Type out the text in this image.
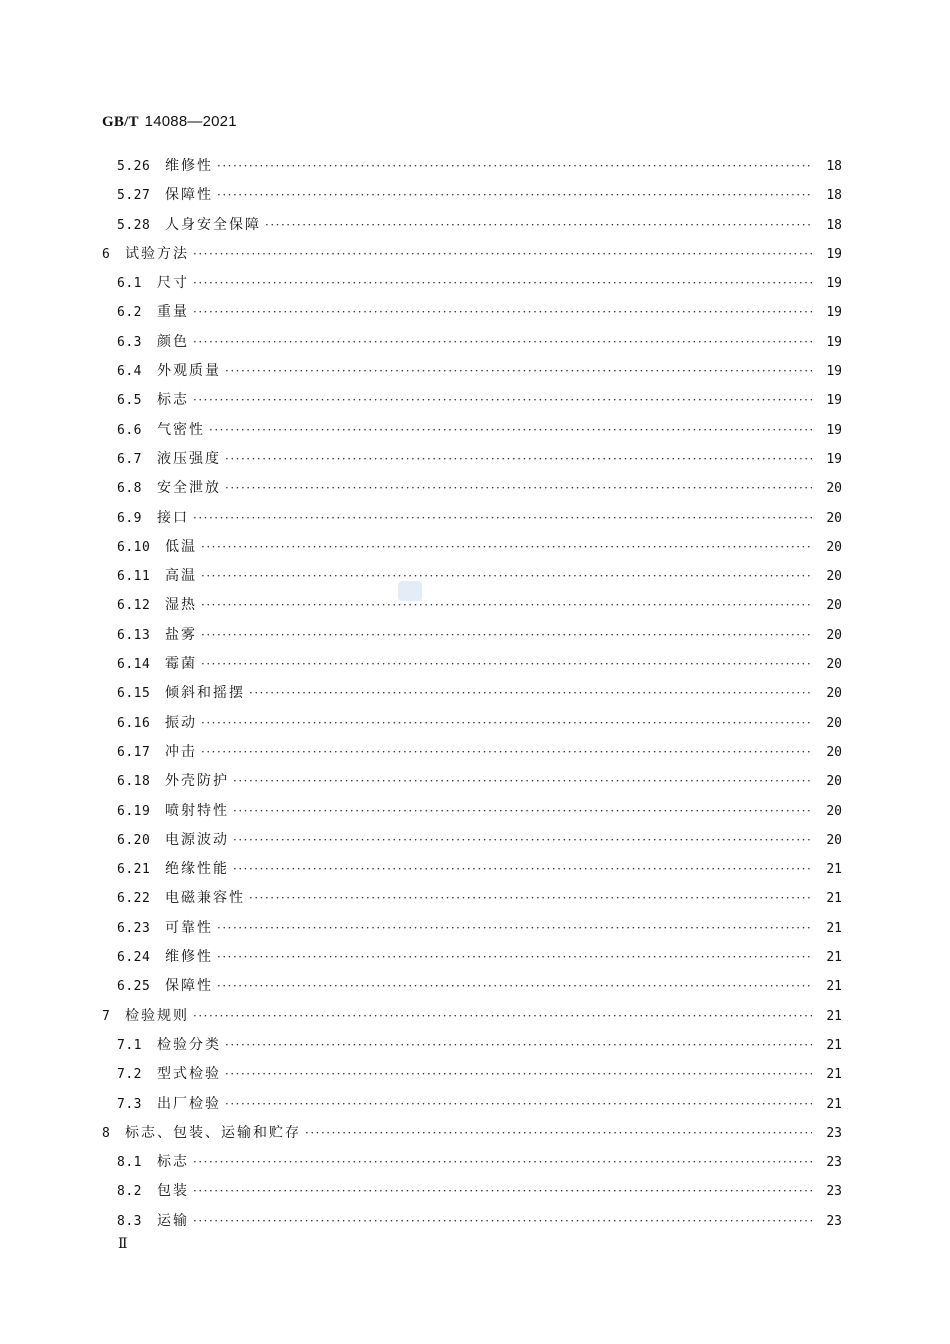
GB/T 14088—2021
5.26	维修性 ·····	18
5.27	保障性 ·····	18
5.28	人身安全保障 ·····	18
6	试验方法 ·····	19
6.1	尺寸 ·····	19
6.2	重量 ·····	19
6.3	颜色 ·····	19
6.4	外观质量 ·····	19
6.5	标志 ·····	19
6.6	气密性 ·····	19
6.7	液压强度 ·····	19
6.8	安全泄放 ·····	20
6.9	接口 ·····	20
6.10	低温 ·····	20
6.11	高温 ·····	20
6.12	湿热 ·····	20
6.13	盐雾 ·····	20
6.14	霉菌 ·····	20
6.15	倾斜和摇摆 ·····	20
6.16	振动 ·····	20
6.17	冲击 ·····	20
6.18	外壳防护 ·····	20
6.19	喷射特性 ·····	20
6.20	电源波动 ·····	20
6.21	绝缘性能 ·····	21
6.22	电磁兼容性 ·····	21
6.23	可靠性 ·····	21
6.24	维修性 ·····	21
6.25	保障性 ·····	21
7	检验规则 ·····	21
7.1	检验分类 ·····	21
7.2	型式检验 ·····	21
7.3	出厂检验 ·····	21
8	标志、包装、运输和贮存 ·····	23
8.1	标志 ·····	23
8.2	包装 ·····	23
8.3	运输 ·····	23
Ⅱ
